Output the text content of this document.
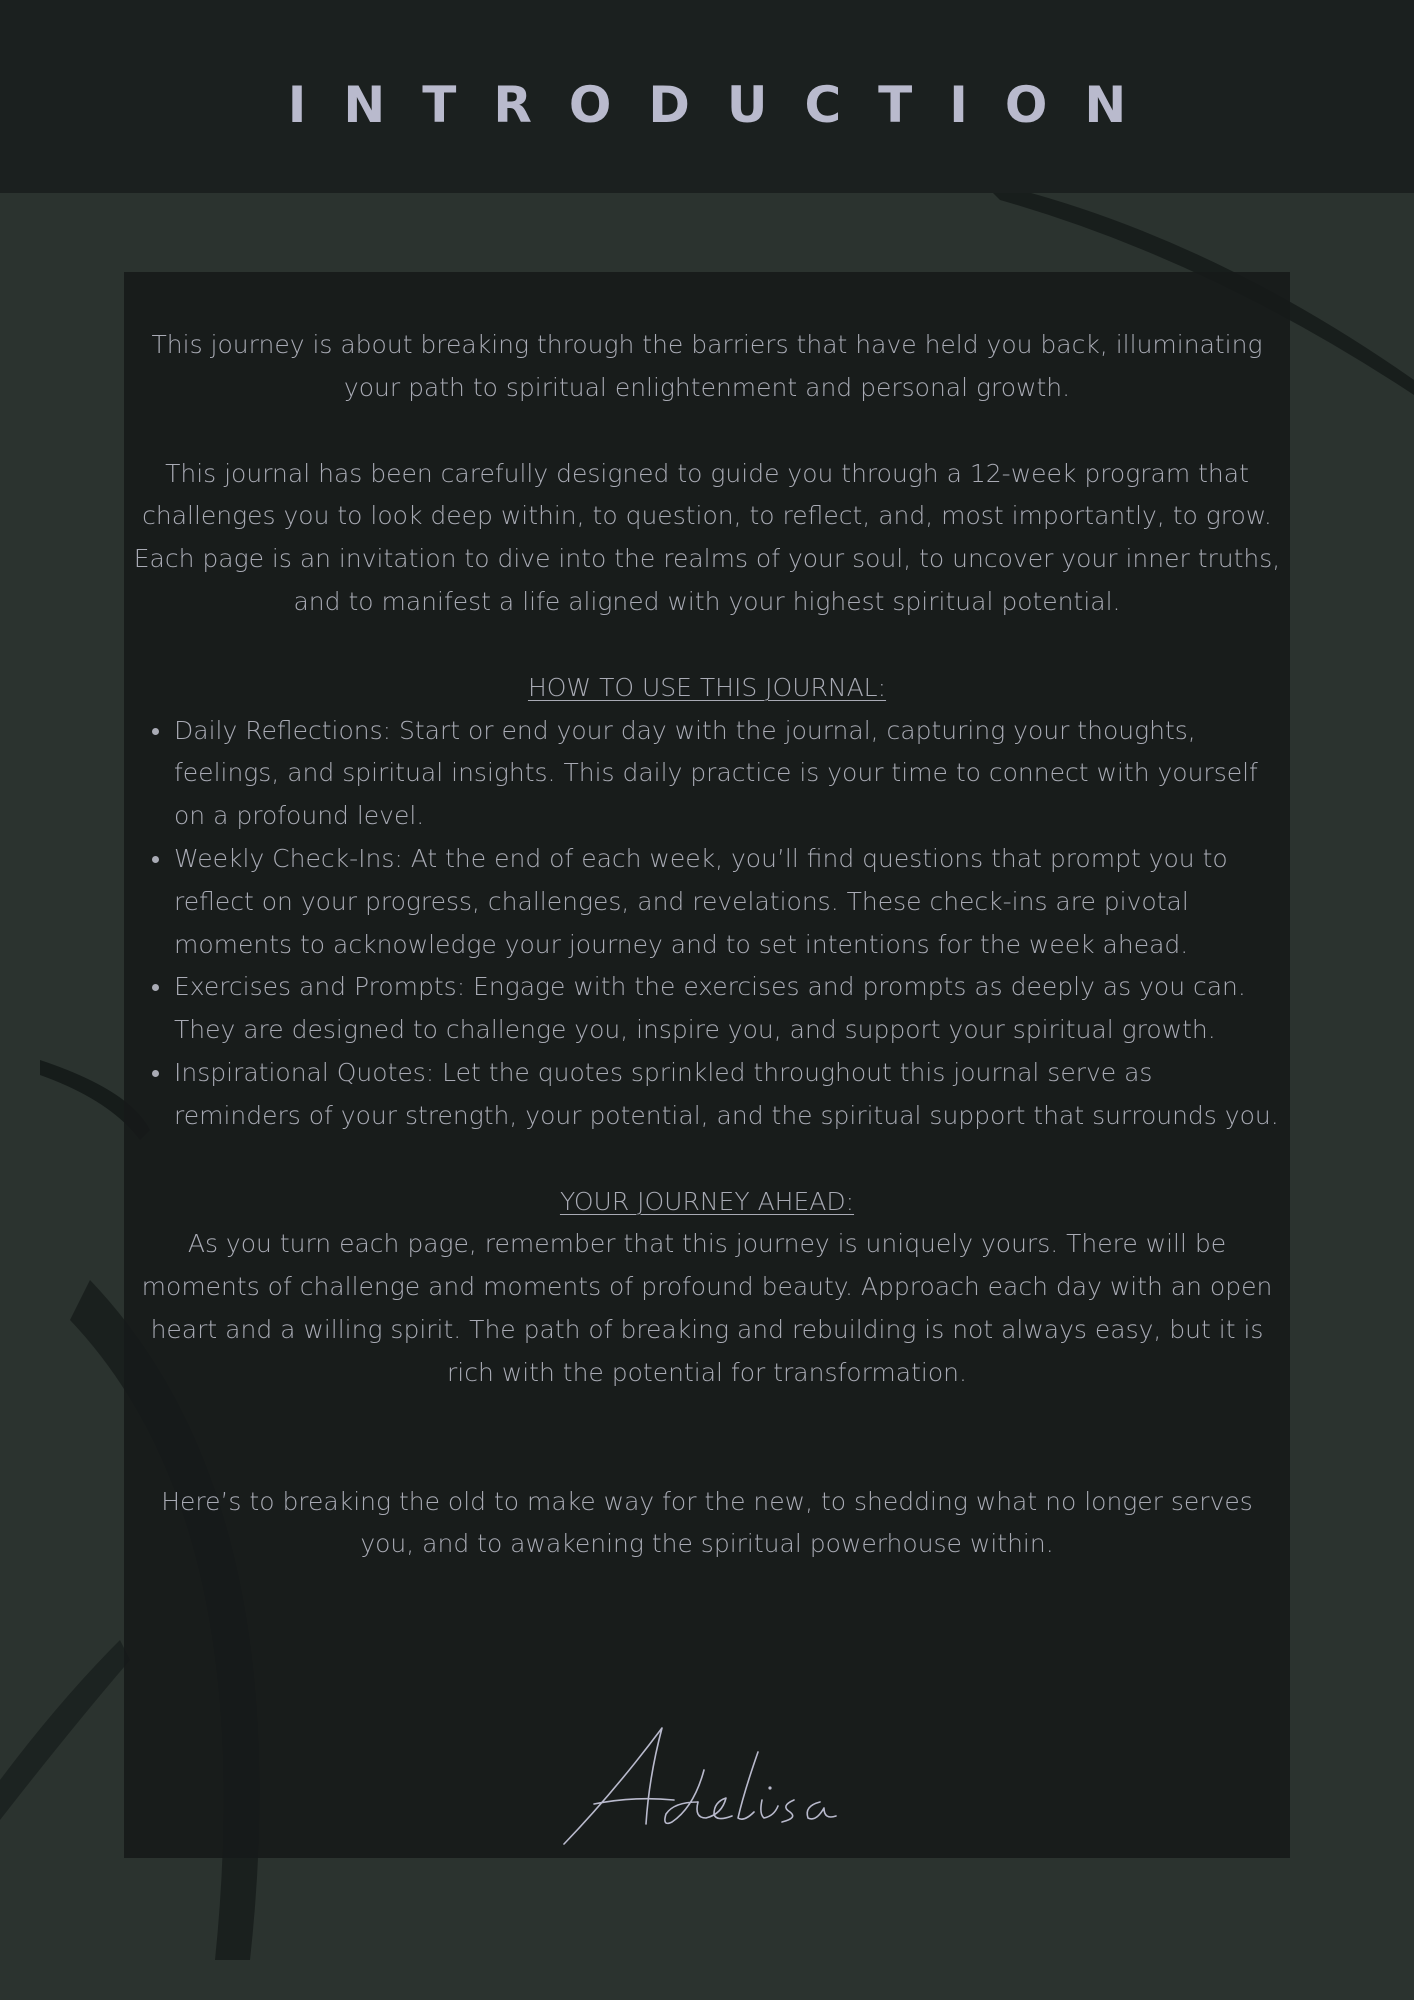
INTRODUCTION

This journey is about breaking through the barriers that have held you back, illuminating your path to spiritual enlightenment and personal growth.

This journal has been carefully designed to guide you through a 12-week program that challenges you to look deep within, to question, to reflect, and, most importantly, to grow. Each page is an invitation to dive into the realms of your soul, to uncover your inner truths, and to manifest a life aligned with your highest spiritual potential.

HOW TO USE THIS JOURNAL:

Daily Reflections: Start or end your day with the journal, capturing your thoughts, feelings, and spiritual insights. This daily practice is your time to connect with yourself on a profound level.
Weekly Check-Ins: At the end of each week, you’ll find questions that prompt you to reflect on your progress, challenges, and revelations. These check-ins are pivotal moments to acknowledge your journey and to set intentions for the week ahead.
Exercises and Prompts: Engage with the exercises and prompts as deeply as you can. They are designed to challenge you, inspire you, and support your spiritual growth.
Inspirational Quotes: Let the quotes sprinkled throughout this journal serve as reminders of your strength, your potential, and the spiritual support that surrounds you.

YOUR JOURNEY AHEAD:

As you turn each page, remember that this journey is uniquely yours. There will be moments of challenge and moments of profound beauty. Approach each day with an open heart and a willing spirit. The path of breaking and rebuilding is not always easy, but it is rich with the potential for transformation.

Here’s to breaking the old to make way for the new, to shedding what no longer serves you, and to awakening the spiritual powerhouse within.
